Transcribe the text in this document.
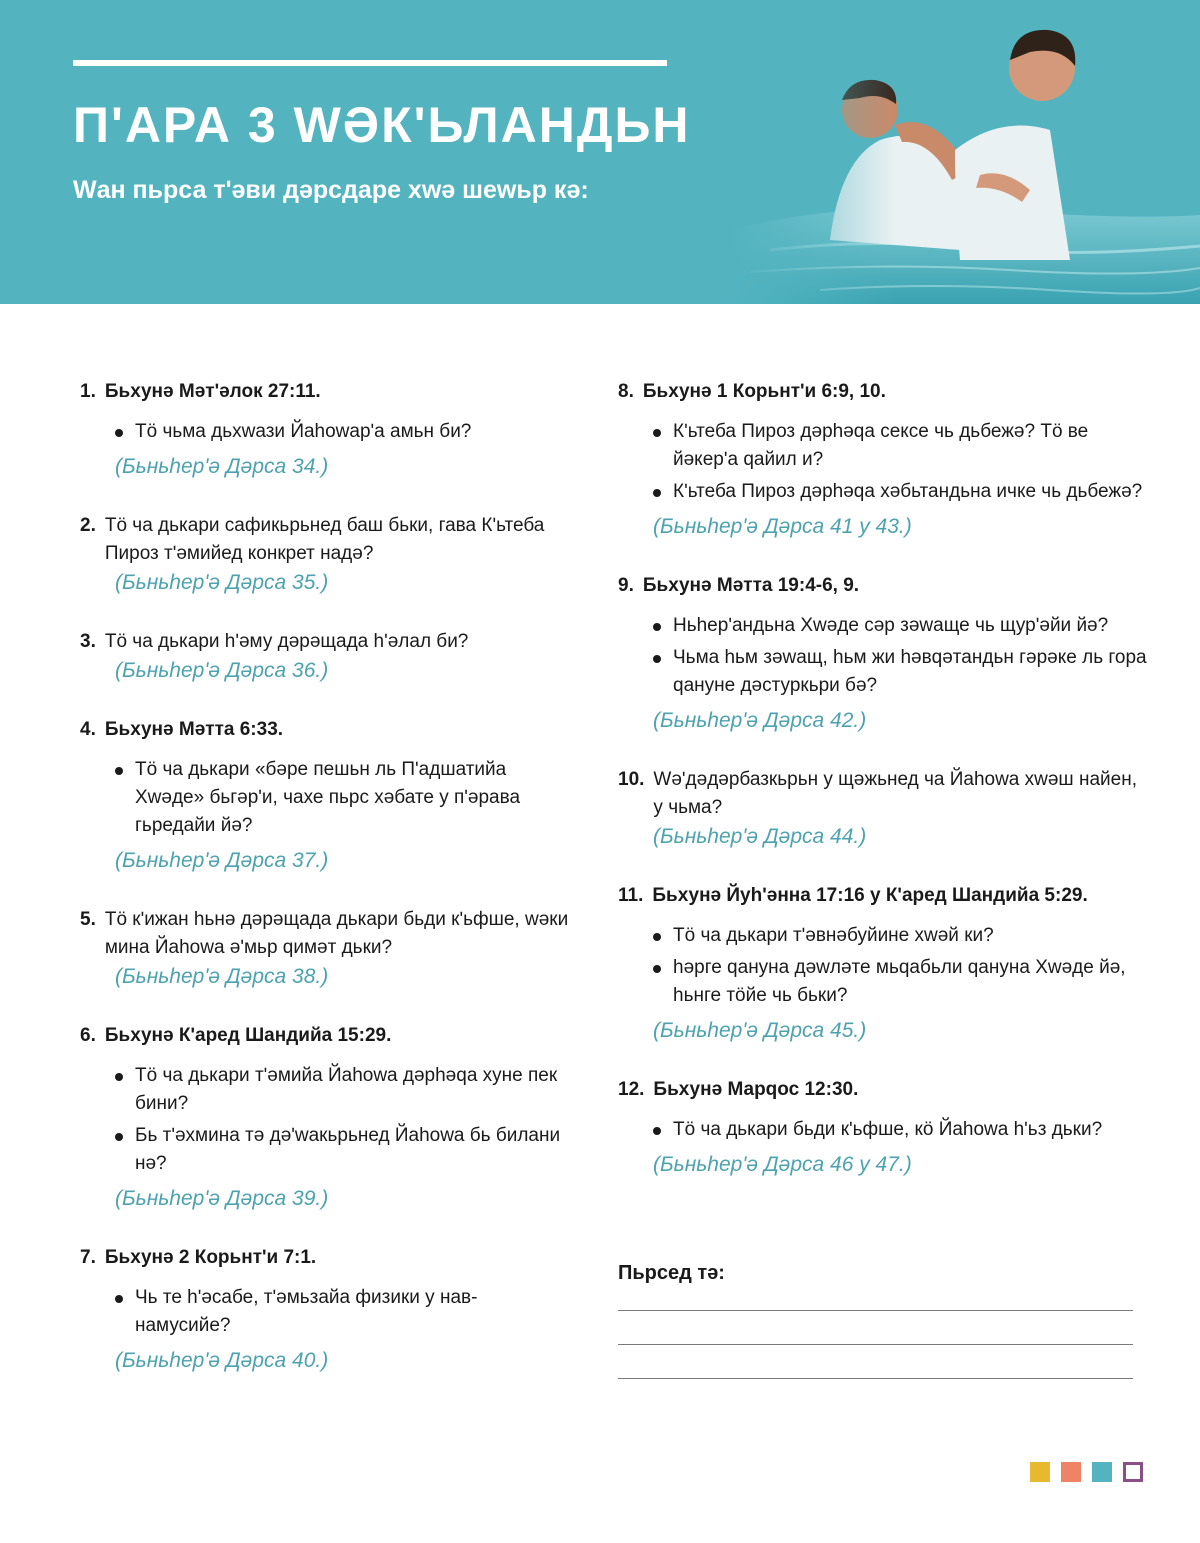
ПʹАРА 3 WƏКʹЬЛАНДЬН

Wан пьрса тʹəви дəрсдаре хwə шеwьр кə:

1. Бьхунə Мəтʹəлок 27:11.
Тӧ чьма дьхwази Йаhоwарʹа амьн би?
(Бьньhерʹə Дəрса 34.)
2. Тӧ ча дькари сафикьрьнед баш бьки, гава Кʹьтеба Пироз тʹəмийед конкрет надə?
(Бьньhерʹə Дəрса 35.)
3. Тӧ ча дькари hʹəму дəрəщада hʹəлал би?
(Бьньhерʹə Дəрса 36.)
4. Бьхунə Мəтта 6:33.
Тӧ ча дькари «бəре пешьн ль Пʹадшатийа Хwəде» бьгəрʹи, чахе пьрс хəбате у пʹəрава гьредайи йə?
(Бьньhерʹə Дəрса 37.)
5. Тӧ кʹижан hьнə дəрəщада дькари бьди кʹьфше, wəки мина Йаhоwа əʹмьр qимəт дьки?
(Бьньhерʹə Дəрса 38.)
6. Бьхунə Кʹаред Шандийа 15:29.
Тӧ ча дькари тʹəмийа Йаhоwа дəрhəqа хуне пек бини?
Бь тʹəхмина тə дəʹwакьрьнед Йаhоwа бь билани нə?
(Бьньhерʹə Дəрса 39.)
7. Бьхунə 2 Корьнтʹи 7:1.
Чь те hʹəсабе, тʹəмьзайа физики у нав-намусийе?
(Бьньhерʹə Дəрса 40.)
8. Бьхунə 1 Корьнтʹи 6:9, 10.
Кʹьтеба Пироз дəрhəqа сексе чь дьбежə? Тӧ ве йəкерʹа qайил и?
Кʹьтеба Пироз дəрhəqа хəбьтандьна ичке чь дьбежə?
(Бьньhерʹə Дəрса 41 у 43.)
9. Бьхунə Мəтта 19:4-6, 9.
Ньhерʹандьна Хwəде сəр зəwаще чь щурʹəйи йə?
Чьма hьм зəwащ, hьм жи həвqəтандьн гəрəке ль гора qануне дəстуркьри бə?
(Бьньhерʹə Дəрса 42.)
10. Wəʹдəдəрбазкьрьн у щəжьнед ча Йаhоwа хwəш найен, у чьма?
(Бьньhерʹə Дəрса 44.)
11. Бьхунə Йуhʹəнна 17:16 у Кʹаред Шандийа 5:29.
Тӧ ча дькари тʹəвнəбуйине хwəй ки?
həрге qануна дəwлəте мьqабьли qануна Хwəде йə, hьнге тӧйе чь бьки?
(Бьньhерʹə Дəрса 45.)
12. Бьхунə Марqос 12:30.
Тӧ ча дькари бьди кʹьфше, кӧ Йаhоwа hʹьз дьки?
(Бьньhерʹə Дəрса 46 у 47.)

Пьрсед тə:
